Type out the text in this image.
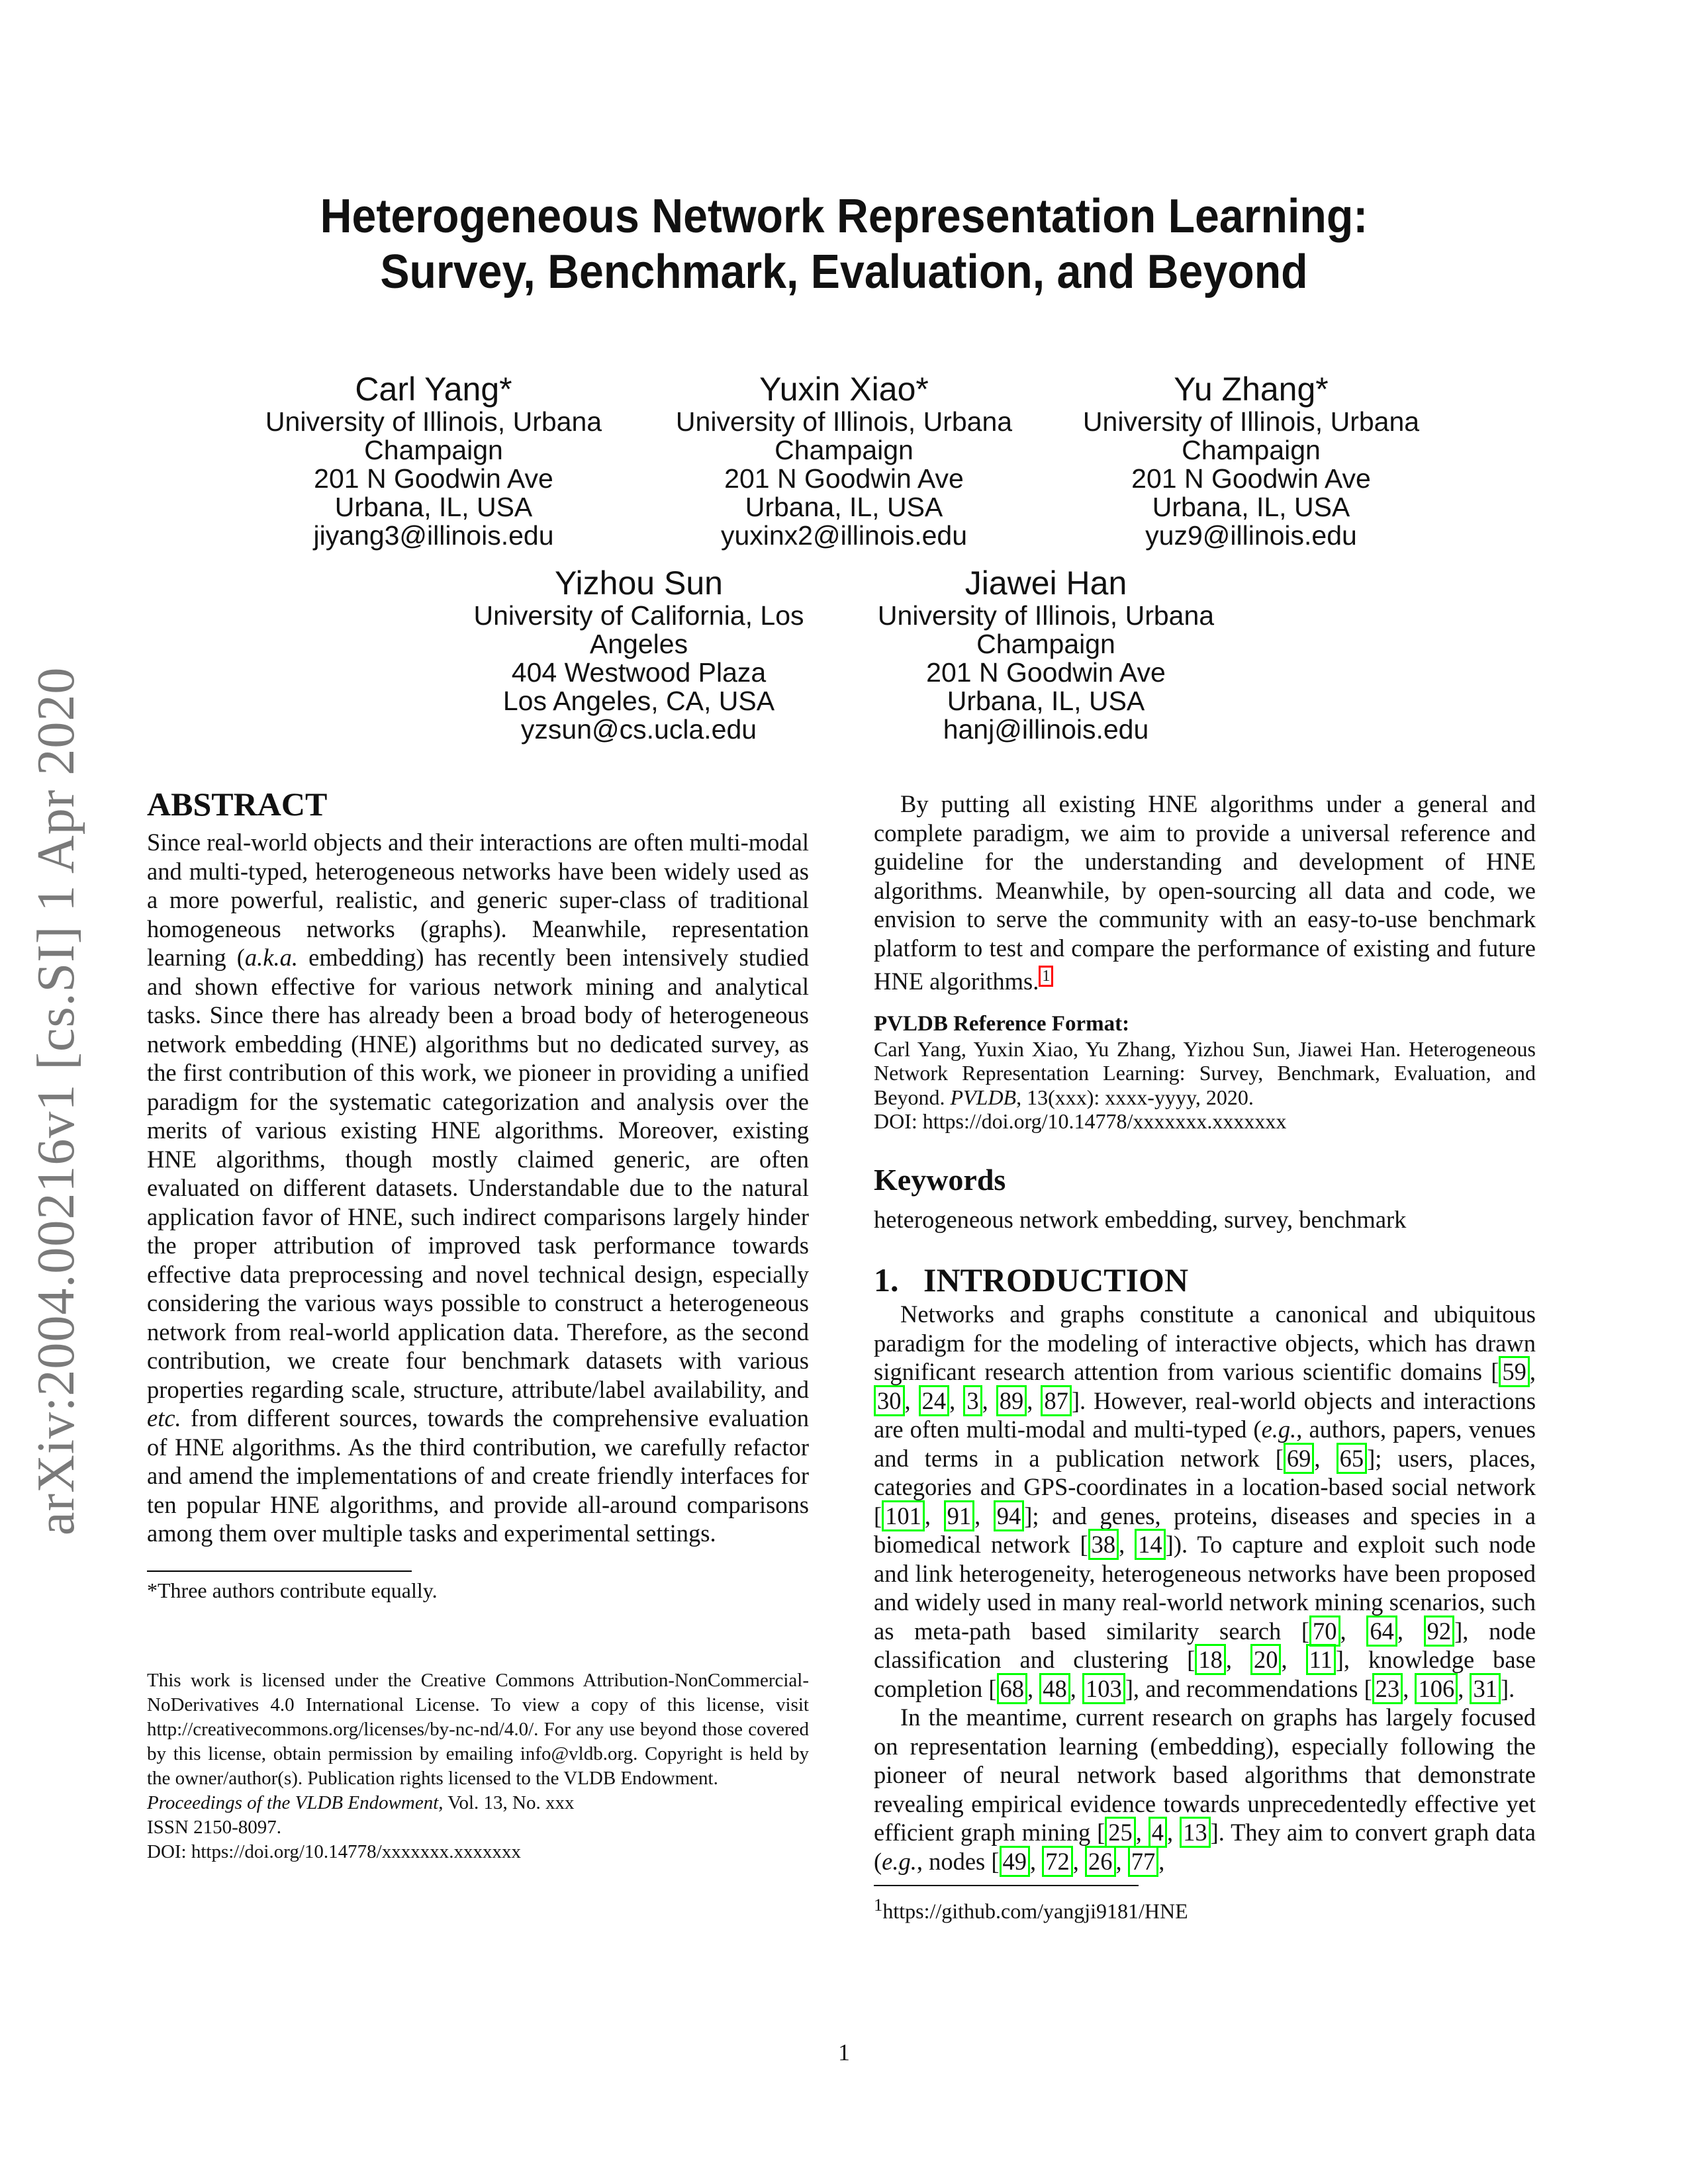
arXiv:2004.00216v1 [cs.SI] 1 Apr 2020
Heterogeneous Network Representation Learning:
Survey, Benchmark, Evaluation, and Beyond
Carl Yang*
University of Illinois, Urbana
Champaign
201 N Goodwin Ave
Urbana, IL, USA
jiyang3@illinois.edu
Yuxin Xiao*
University of Illinois, Urbana
Champaign
201 N Goodwin Ave
Urbana, IL, USA
yuxinx2@illinois.edu
Yu Zhang*
University of Illinois, Urbana
Champaign
201 N Goodwin Ave
Urbana, IL, USA
yuz9@illinois.edu
Yizhou Sun
University of California, Los
Angeles
404 Westwood Plaza
Los Angeles, CA, USA
yzsun@cs.ucla.edu
Jiawei Han
University of Illinois, Urbana
Champaign
201 N Goodwin Ave
Urbana, IL, USA
hanj@illinois.edu
ABSTRACT

Since real-world objects and their interactions are often multi-modal and multi-typed, heterogeneous networks have been widely used as a more powerful, realistic, and generic super-class of traditional homogeneous networks (graphs). Meanwhile, representation learning (a.k.a. embedding) has recently been intensively studied and shown effective for various network mining and analytical tasks. Since there has already been a broad body of heterogeneous network embedding (HNE) algorithms but no dedicated survey, as the first contribution of this work, we pioneer in providing a unified paradigm for the systematic categorization and analysis over the merits of various existing HNE algorithms. Moreover, existing HNE algorithms, though mostly claimed generic, are often evaluated on different datasets. Understandable due to the natural application favor of HNE, such indirect comparisons largely hinder the proper attribution of improved task performance towards effective data preprocessing and novel technical design, especially considering the various ways possible to construct a heterogeneous network from real-world application data. Therefore, as the second contribution, we create four benchmark datasets with various properties regarding scale, structure, attribute/label availability, and etc. from different sources, towards the comprehensive evaluation of HNE algorithms. As the third contribution, we carefully refactor and amend the implementations of and create friendly interfaces for ten popular HNE algorithms, and provide all-around comparisons among them over multiple tasks and experimental settings.

*Three authors contribute equally.

This work is licensed under the Creative Commons Attribution-NonCommercial-NoDerivatives 4.0 International License. To view a copy of this license, visit http://creativecommons.org/licenses/by-nc-nd/4.0/. For any use beyond those covered by this license, obtain permission by emailing info@vldb.org. Copyright is held by the owner/author(s). Publication rights licensed to the VLDB Endowment.

Proceedings of the VLDB Endowment, Vol. 13, No. xxx

ISSN 2150-8097.

DOI: https://doi.org/10.14778/xxxxxxx.xxxxxxx

By putting all existing HNE algorithms under a general and complete paradigm, we aim to provide a universal reference and guideline for the understanding and development of HNE algorithms. Meanwhile, by open-sourcing all data and code, we envision to serve the community with an easy-to-use benchmark platform to test and compare the performance of existing and future HNE algorithms. $^1$

PVLDB Reference Format:

Carl Yang, Yuxin Xiao, Yu Zhang, Yizhou Sun, Jiawei Han. Heterogeneous Network Representation Learning: Survey, Benchmark, Evaluation, and Beyond. PVLDB, 13(xxx): xxxx-yyyy, 2020.

DOI: https://doi.org/10.14778/xxxxxxx.xxxxxxx

Keywords

heterogeneous network embedding, survey, benchmark

1.   INTRODUCTION

Networks and graphs constitute a canonical and ubiquitous paradigm for the modeling of interactive objects, which has drawn significant research attention from various scientific domains [ 59 , 30 , 24 , 3 , 89 , 87 ]. However, real-world objects and interactions are often multi-modal and multi-typed (e.g., authors, papers, venues and terms in a publication network [ 69 , 65 ]; users, places, categories and GPS-coordinates in a location-based social network [ 101 , 91 , 94 ]; and genes, proteins, diseases and species in a biomedical network [ 38 , 14 ]). To capture and exploit such node and link heterogeneity, heterogeneous networks have been proposed and widely used in many real-world network mining scenarios, such as meta-path based similarity search [ 70 , 64 , 92 ], node classification and clustering [ 18 , 20 , 11 ], knowledge base completion [ 68 , 48 , 103 ], and recommendations [ 23 , 106 , 31 ].

In the meantime, current research on graphs has largely focused on representation learning (embedding), especially following the pioneer of neural network based algorithms that demonstrate revealing empirical evidence towards unprecedentedly effective yet efficient graph mining [ 25 , 4 , 13 ]. They aim to convert graph data (e.g., nodes [ 49 , 72 , 26 , 77 ,

$^1$https://github.com/yangji9181/HNE

1
